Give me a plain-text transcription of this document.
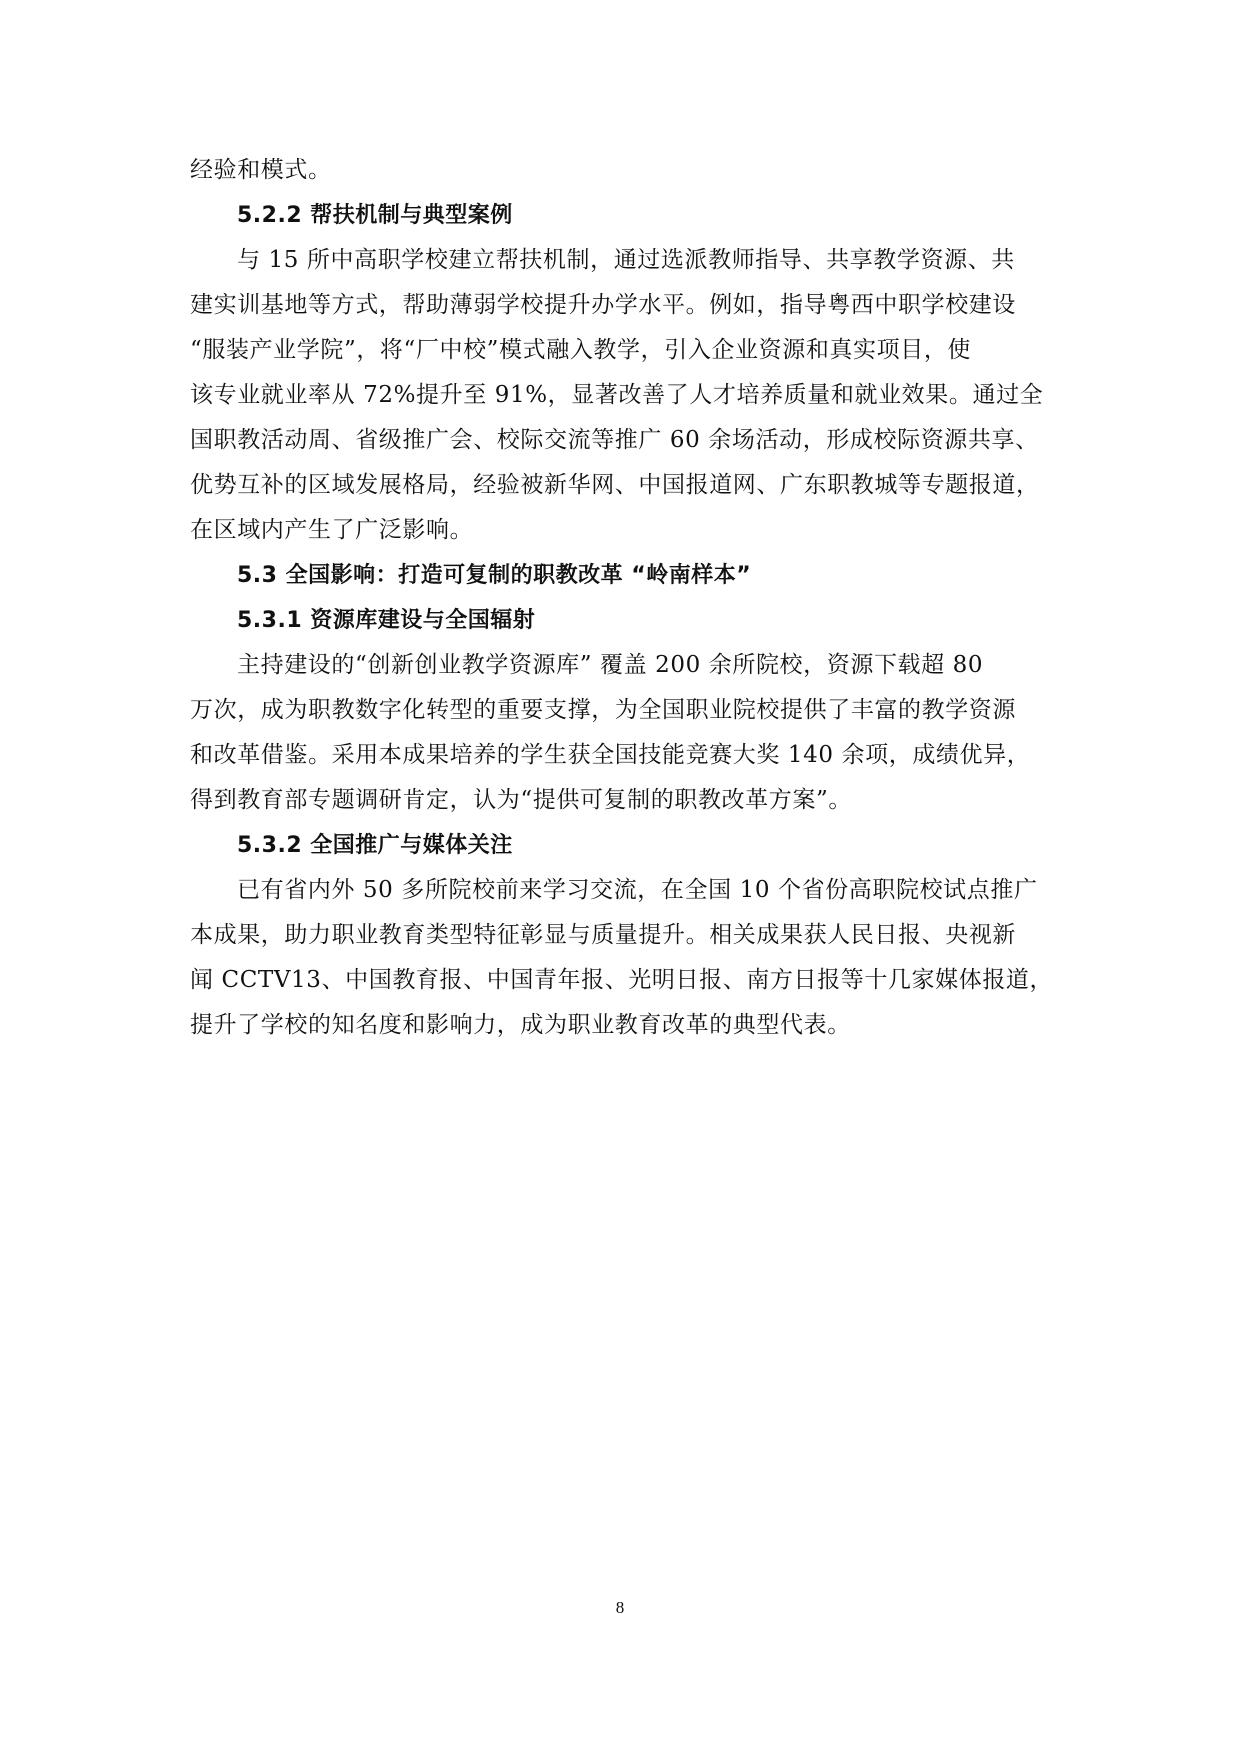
经验和模式。
5.2.2 帮扶机制与典型案例
与 15 所中高职学校建立帮扶机制，通过选派教师指导、共享教学资源、共
建实训基地等方式，帮助薄弱学校提升办学水平。例如，指导粤西中职学校建设
“服装产业学院”，将“厂中校”模式融入教学，引入企业资源和真实项目，使
该专业就业率从 72%提升至 91%，显著改善了人才培养质量和就业效果。通过全
国职教活动周、省级推广会、校际交流等推广 60 余场活动，形成校际资源共享、
优势互补的区域发展格局，经验被新华网、中国报道网、广东职教城等专题报道，
在区域内产生了广泛影响。
5.3 全国影响：打造可复制的职教改革 “岭南样本”
5.3.1 资源库建设与全国辐射
主持建设的“创新创业教学资源库” 覆盖 200 余所院校，资源下载超 80
万次，成为职教数字化转型的重要支撑，为全国职业院校提供了丰富的教学资源
和改革借鉴。采用本成果培养的学生获全国技能竞赛大奖 140 余项，成绩优异，
得到教育部专题调研肯定，认为“提供可复制的职教改革方案”。
5.3.2 全国推广与媒体关注
已有省内外 50 多所院校前来学习交流，在全国 10 个省份高职院校试点推广
本成果，助力职业教育类型特征彰显与质量提升。相关成果获人民日报、央视新
闻 CCTV13、中国教育报、中国青年报、光明日报、南方日报等十几家媒体报道，
提升了学校的知名度和影响力，成为职业教育改革的典型代表。
8
